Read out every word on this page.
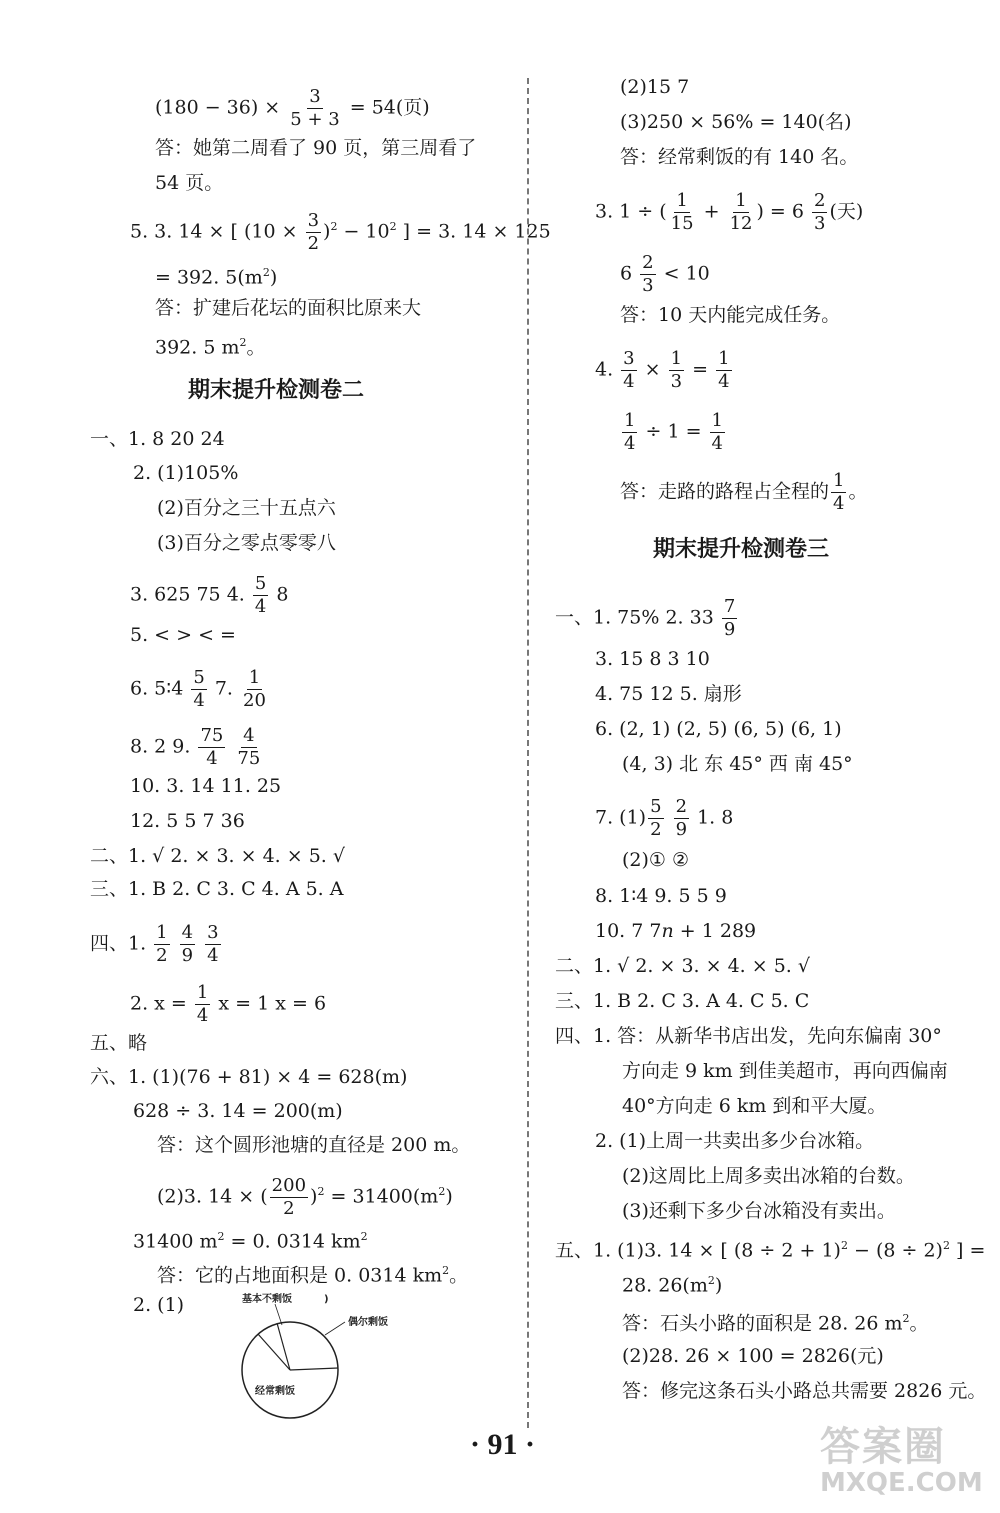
$(180 - 36) \times \frac{3}{5 + 3} = 54$(页)
答：她第二周看了 90 页，第三周看了
54 页。
5. 3. 14 × [ $(10 \times \frac{3}{2} )^2 - 10^2$ ] = 3. 14 × 125
= 392. $5(m^2)$
答：扩建后花坛的面积比原来大
392. 5 $m^2$。
期末提升检测卷二
一、1. 8 20 24
2. (1)105%
(2)百分之三十五点六
(3)百分之零点零零八
3. 625 75 4. $\frac{5}{4} 8$
5. < > < =
6. 5∶4 $\frac{5}{4} 7$. $\frac{1}{20}$
8. 2 9. $\frac{75}{4}$
$\frac{4}{75}$
10. 3. 14 11. 25
12. 5 5 7 36
二、1. √ 2. × 3. × 4. × 5. √
三、1. B 2. C 3. C 4. A 5. A
四、1. $\frac{1}{2}$
$\frac{4}{9}$
$\frac{3}{4}$
2. $x = \frac{1}{4}$ x = 1 x = 6
五、略
六、1. (1)(76 + 81) × 4 = 628(m)
628 ÷ 3. 14 = 200(m)
答：这个圆形池塘的直径是 200 m。
(2)3. 14 × ( $\frac{200}{2} )^2 = 31400(m^2)$
31400 $m^2 = 0$. 0314 $km^2$
答：它的占地面积是 0. 0314 $km^2$。
2. (1)	基本不剩饭	)
偶尔剩饭
经常剩饭
(2)15 7
(3)250 × 56% = 140(名)
答：经常剩饭的有 140 名。
3. 1 ÷ ( $\frac{1}{15} + \frac{1}{12}$ ) = $6 \frac{2}{3}$ (天)
$6 \frac{2}{3} < 10$
答：10 天内能完成任务。
4. $\frac{3}{4} \times \frac{1}{3} = \frac{1}{4}$
$\frac{1}{4} \div 1 = \frac{1}{4}$
答：走路的路程占全程的 $\frac{1}{4}$ 。
期末提升检测卷三
一、1. 75% 2. $33 \frac{7}{9}$
3. 15 8 3 10
4. 75 12 5. 扇形
6. (2, 1) (2, 5) (6, 5) (6, 1)
(4, 3) 北 东 45° 西 南 45°
7. $(1) \frac{5}{2}$
$\frac{2}{9} 1$. 8
(2)① ②
8. 1∶4 9. 5 5 9
10. 7 7n + 1 289
二、1. √ 2. × 3. × 4. × 5. √
三、1. B 2. C 3. A 4. C 5. C
四、1. 答：从新华书店出发，先向东偏南 30°
方向走 9 km 到佳美超市，再向西偏南
40°方向走 6 km 到和平大厦。
2. (1)上周一共卖出多少台冰箱。
(2)这周比上周多卖出冰箱的台数。
(3)还剩下多少台冰箱没有卖出。
五、1. (1)3. 14 × [ $(8 \div 2 + 1)^2 - (8 \div 2)^2$ ] =
28. $26(m^2)$
答：石头小路的面积是 28. 26 $m^2$。
(2)28. 26 × 100 = 2826(元)
答：修完这条石头小路总共需要 2826 元。
· 91 ·	答案圈
MXQE.COM
